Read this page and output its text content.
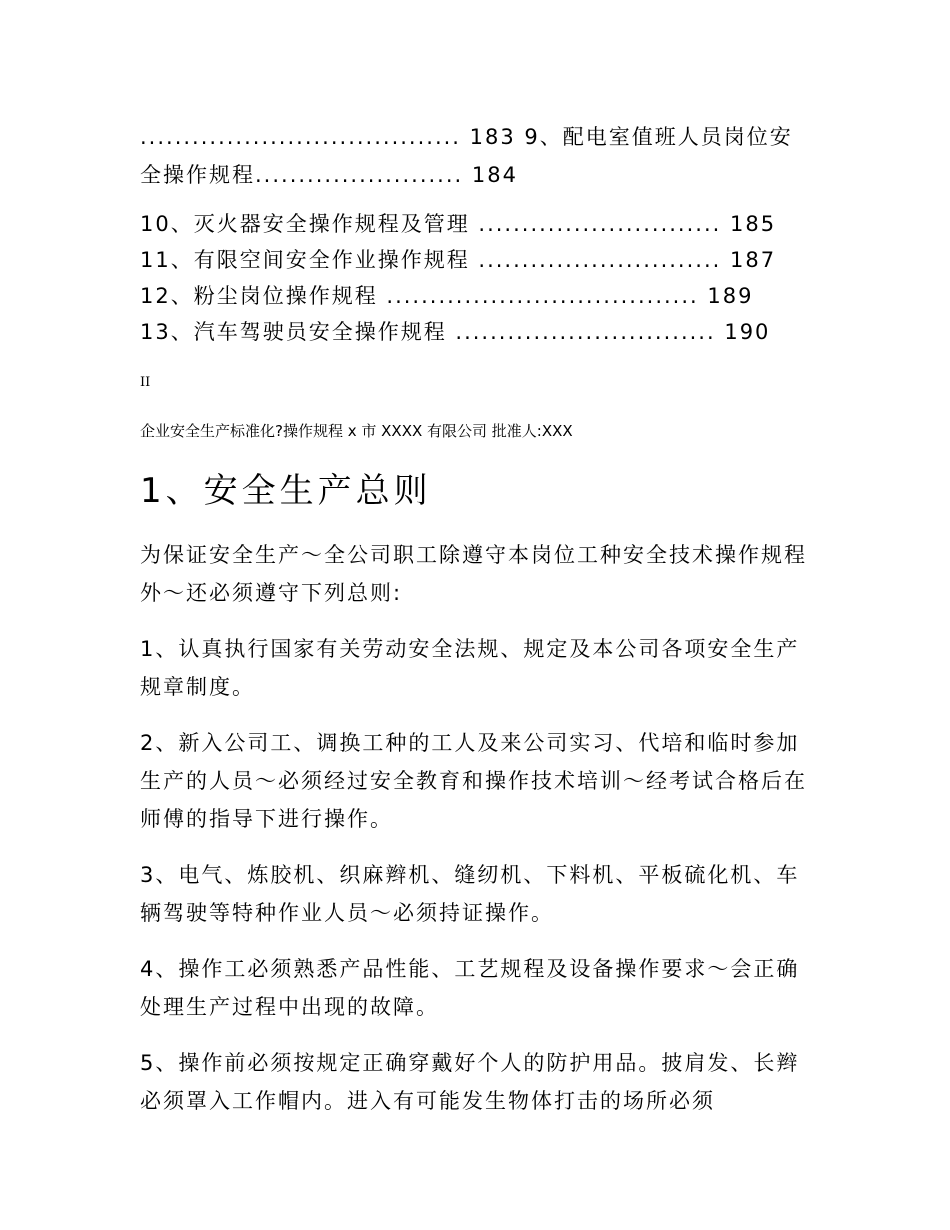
..................................... 183 9、配电室值班人员岗位安全操作规程........................ 184
10、灭火器安全操作规程及管理 ............................ 185
11、有限空间安全作业操作规程 ............................ 187
12、粉尘岗位操作规程 .................................... 189
13、汽车驾驶员安全操作规程 .............................. 190
II
企业安全生产标准化?操作规程 x 市 XXXX 有限公司 批准人:XXX
1、安全生产总则

为保证安全生产～全公司职工除遵守本岗位工种安全技术操作规程外～还必须遵守下列总则:

1、认真执行国家有关劳动安全法规、规定及本公司各项安全生产规章制度。

2、新入公司工、调换工种的工人及来公司实习、代培和临时参加生产的人员～必须经过安全教育和操作技术培训～经考试合格后在师傅的指导下进行操作。

3、电气、炼胶机、织麻辫机、缝纫机、下料机、平板硫化机、车辆驾驶等特种作业人员～必须持证操作。

4、操作工必须熟悉产品性能、工艺规程及设备操作要求～会正确处理生产过程中出现的故障。

5、操作前必须按规定正确穿戴好个人的防护用品。披肩发、长辫必须罩入工作帽内。进入有可能发生物体打击的场所必须
